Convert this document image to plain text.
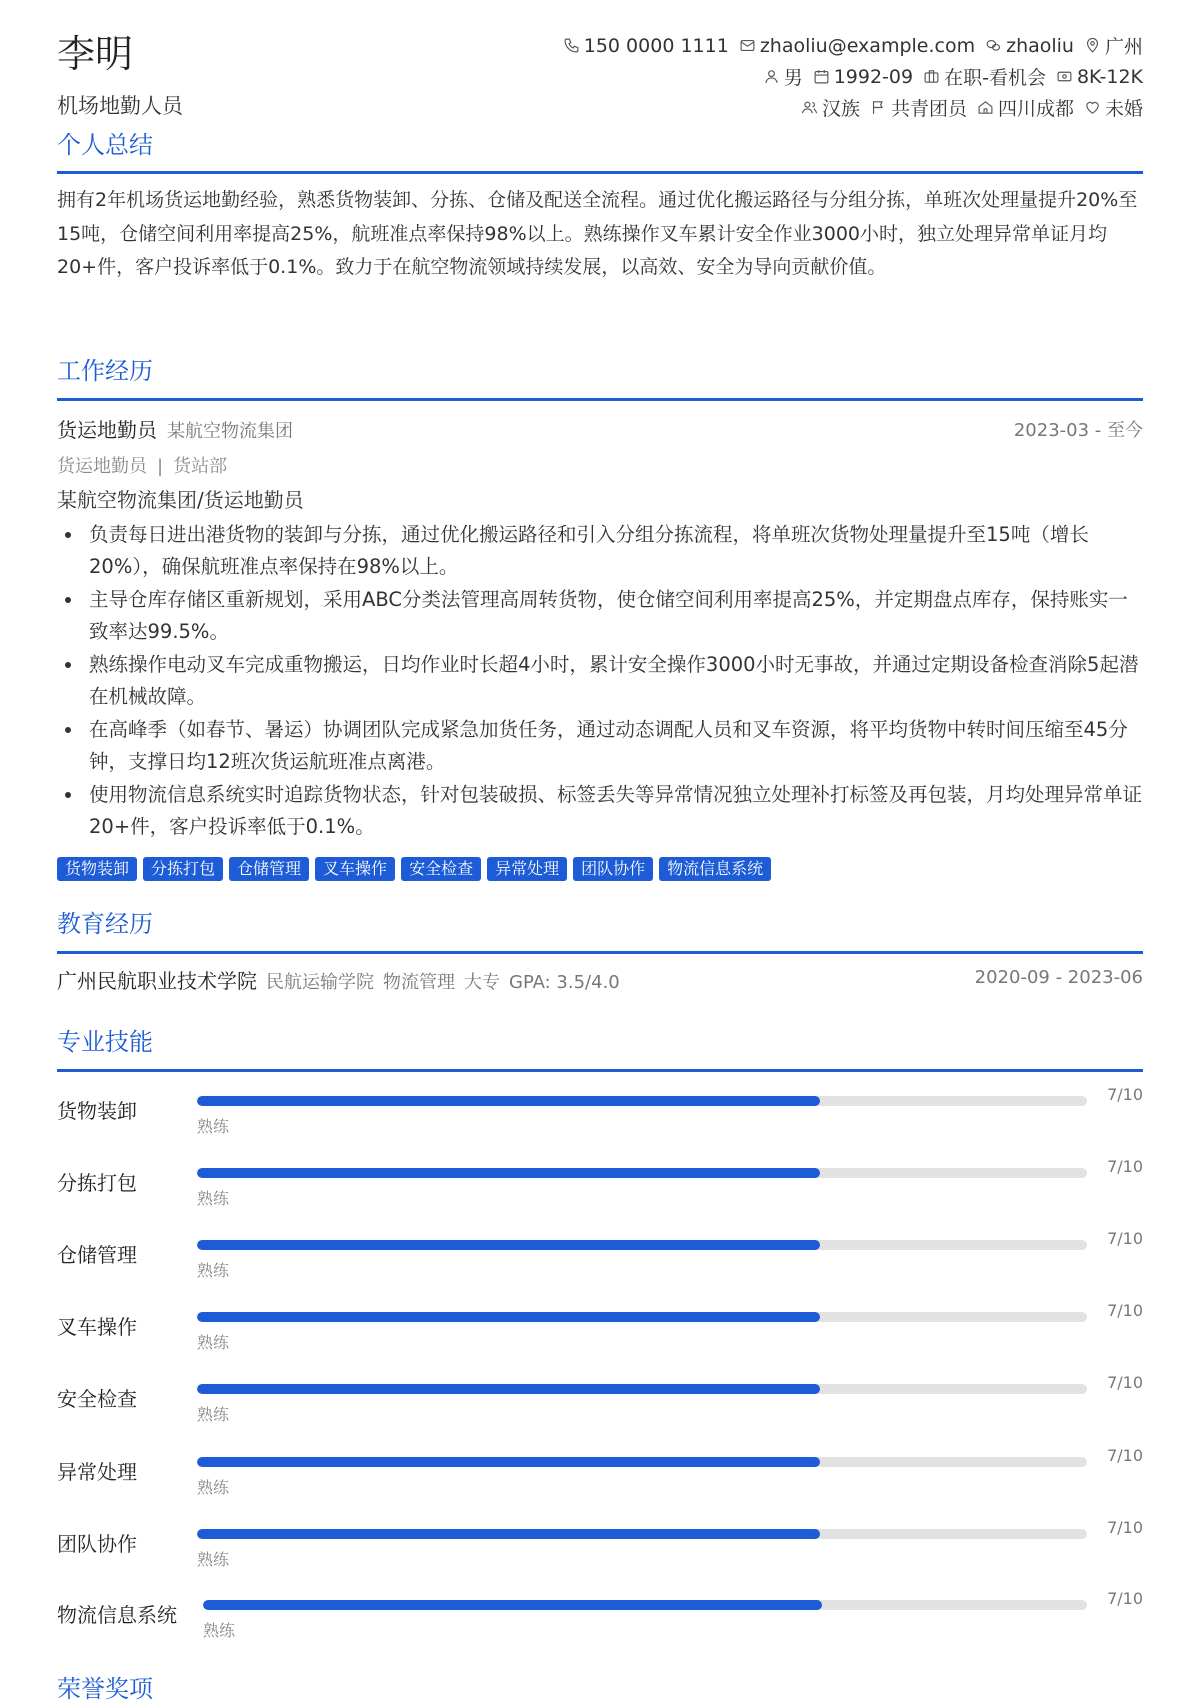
李明
机场地勤人员
150 0000 1111 zhaoliu@example.com zhaoliu 广州
男 1992-09 在职-看机会 8K-12K
汉族 共青团员 四川成都 未婚
个人总结
拥有2年机场货运地勤经验，熟悉货物装卸、分拣、仓储及配送全流程。通过优化搬运路径与分组分拣，单班次处理量提升20%至15吨，仓储空间利用率提高25%，航班准点率保持98%以上。熟练操作叉车累计安全作业3000小时，独立处理异常单证月均20+件，客户投诉率低于0.1%。致力于在航空物流领域持续发展，以高效、安全为导向贡献价值。
工作经历
货运地勤员 某航空物流集团	2023-03 - 至今
货运地勤员 | 货站部
某航空物流集团/货运地勤员
负责每日进出港货物的装卸与分拣，通过优化搬运路径和引入分组分拣流程，将单班次货物处理量提升至15吨（增长20%），确保航班准点率保持在98%以上。
主导仓库存储区重新规划，采用ABC分类法管理高周转货物，使仓储空间利用率提高25%，并定期盘点库存，保持账实一致率达99.5%。
熟练操作电动叉车完成重物搬运，日均作业时长超4小时，累计安全操作3000小时无事故，并通过定期设备检查消除5起潜在机械故障。
在高峰季（如春节、暑运）协调团队完成紧急加货任务，通过动态调配人员和叉车资源，将平均货物中转时间压缩至45分钟，支撑日均12班次货运航班准点离港。
使用物流信息系统实时追踪货物状态，针对包装破损、标签丢失等异常情况独立处理补打标签及再包装，月均处理异常单证20+件，客户投诉率低于0.1%。
货物装卸	分拣打包	仓储管理	叉车操作	安全检查	异常处理	团队协作	物流信息系统
教育经历
广州民航职业技术学院 民航运输学院 物流管理 大专 GPA: 3.5/4.0	2020-09 - 2023-06
专业技能
货物装卸
7/10
熟练
分拣打包
7/10
熟练
仓储管理
7/10
熟练
叉车操作
7/10
熟练
安全检查
7/10
熟练
异常处理
7/10
熟练
团队协作
7/10
熟练
物流信息系统
7/10
熟练
荣誉奖项
